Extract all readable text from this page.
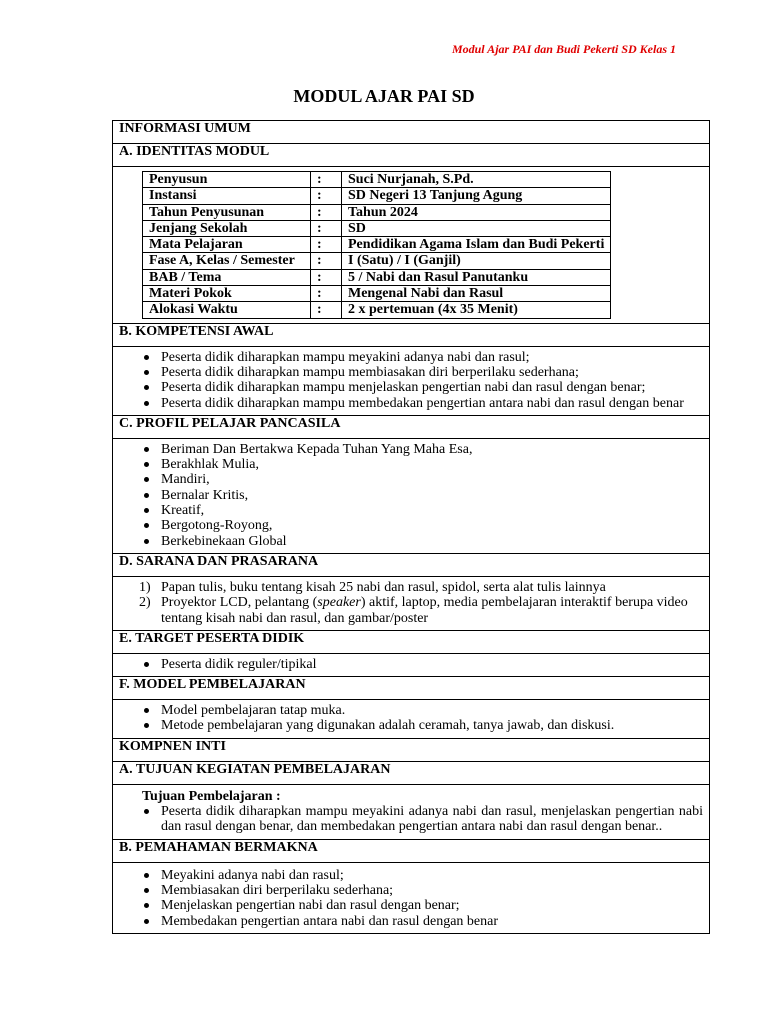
Modul Ajar PAI dan Budi Pekerti SD Kelas 1
MODUL AJAR PAI SD
INFORMASI UMUM
A. IDENTITAS MODUL

Penyusun	:	Suci Nurjanah, S.Pd.
Instansi	:	SD Negeri 13 Tanjung Agung
Tahun Penyusunan	:	Tahun 2024
Jenjang Sekolah	:	SD
Mata Pelajaran	:	Pendidikan Agama Islam dan Budi Pekerti
Fase A, Kelas / Semester	:	I (Satu) / I (Ganjil)
BAB / Tema	:	5 / Nabi dan Rasul Panutanku
Materi Pokok	:	Mengenal Nabi dan Rasul
Alokasi Waktu	:	2 x pertemuan (4x 35 Menit)

B. KOMPETENSI AWAL

Peserta didik diharapkan mampu meyakini adanya nabi dan rasul;
Peserta didik diharapkan mampu membiasakan diri berperilaku sederhana;
Peserta didik diharapkan mampu menjelaskan pengertian nabi dan rasul dengan benar;
Peserta didik diharapkan mampu membedakan pengertian antara nabi dan rasul dengan benar

C. PROFIL PELAJAR PANCASILA

Beriman Dan Bertakwa Kepada Tuhan Yang Maha Esa,
Berakhlak Mulia,
Mandiri,
Bernalar Kritis,
Kreatif,
Bergotong-Royong,
Berkebinekaan Global

D. SARANA DAN PRASARANA

1) Papan tulis, buku tentang kisah 25 nabi dan rasul, spidol, serta alat tulis lainnya
2) Proyektor LCD, pelantang (speaker) aktif, laptop, media pembelajaran interaktif berupa video tentang kisah nabi dan rasul, dan gambar/poster

E. TARGET PESERTA DIDIK

Peserta didik reguler/tipikal

F. MODEL PEMBELAJARAN

Model pembelajaran tatap muka.
Metode pembelajaran yang digunakan adalah ceramah, tanya jawab, dan diskusi.

KOMPNEN INTI
A. TUJUAN KEGIATAN PEMBELAJARAN

Tujuan Pembelajaran :
Peserta didik diharapkan mampu meyakini adanya nabi dan rasul, menjelaskan pengertian nabi dan rasul dengan benar, dan membedakan pengertian antara nabi dan rasul dengan benar..

B. PEMAHAMAN BERMAKNA

Meyakini adanya nabi dan rasul;
Membiasakan diri berperilaku sederhana;
Menjelaskan pengertian nabi dan rasul dengan benar;
Membedakan pengertian antara nabi dan rasul dengan benar
